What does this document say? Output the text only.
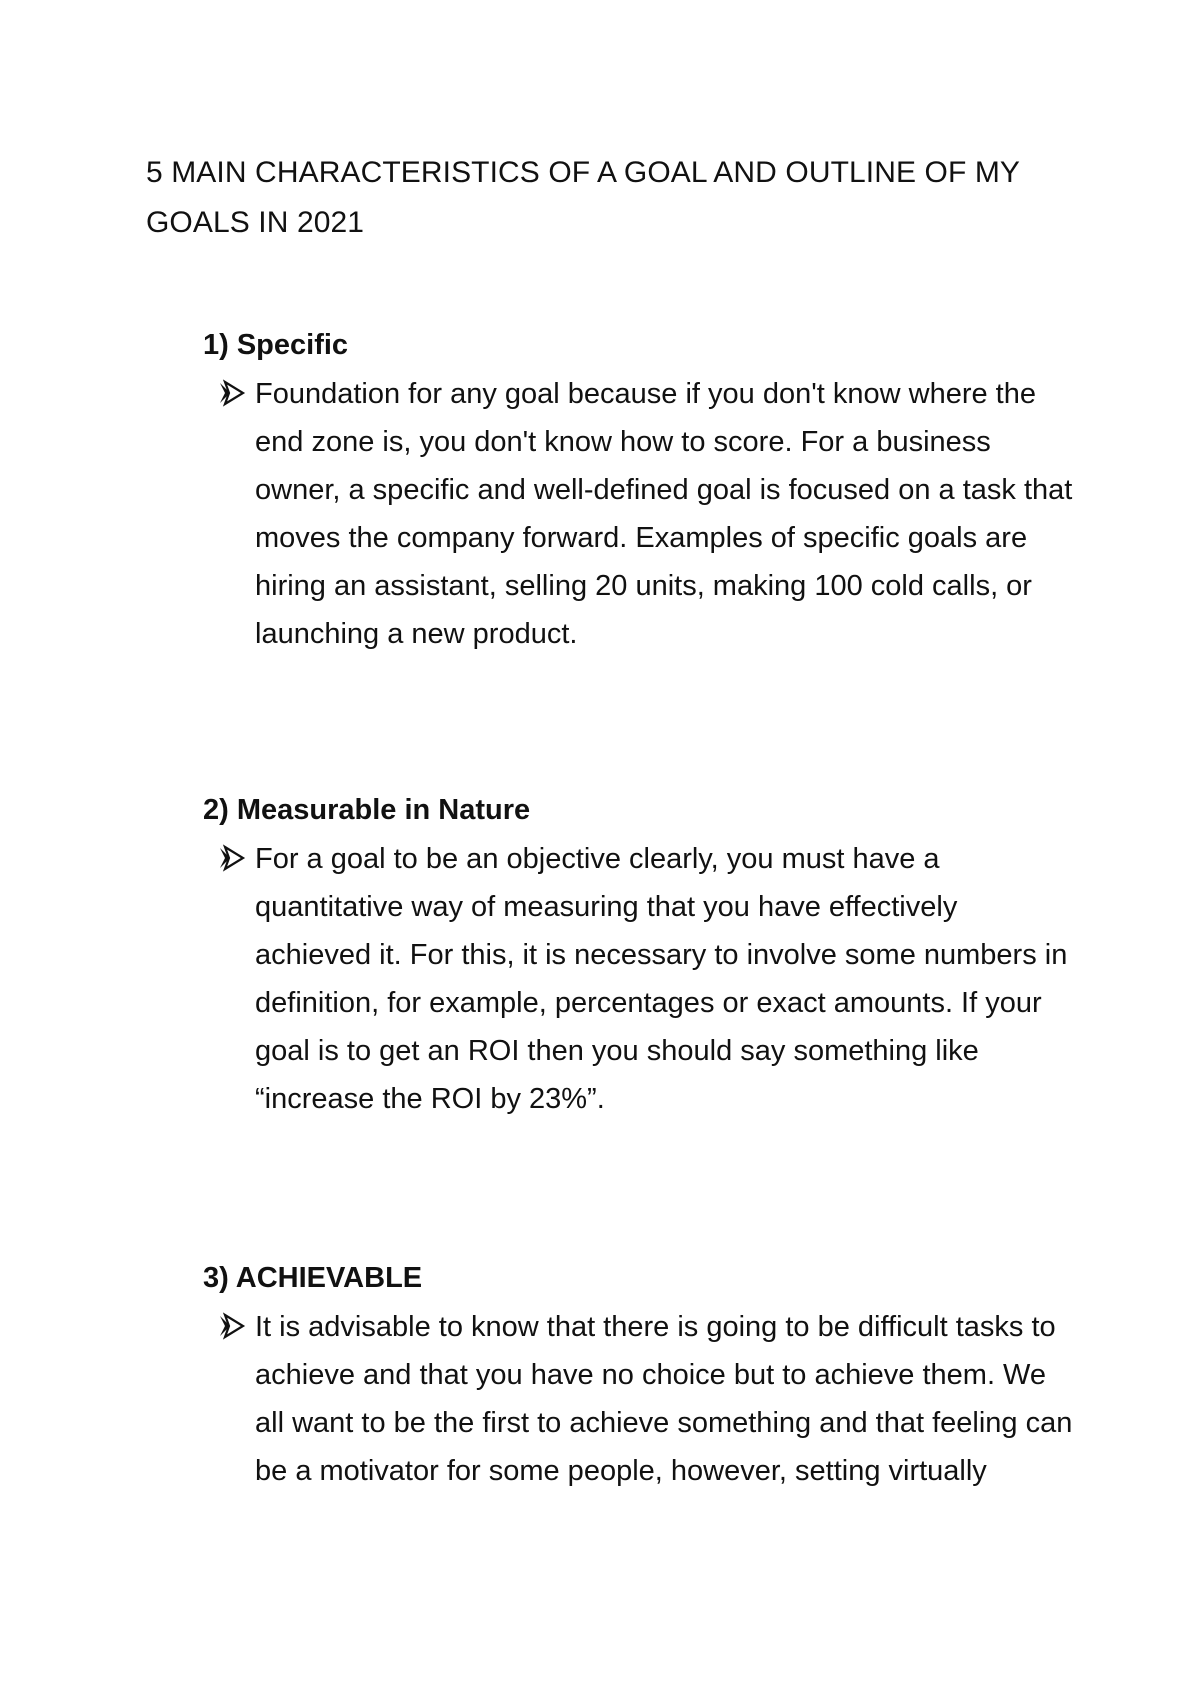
5 MAIN CHARACTERISTICS OF A GOAL AND OUTLINE OF MY GOALS IN 2021

1) Specific

Foundation for any goal because if you don't know where the end zone is, you don't know how to score. For a business owner, a specific and well-defined goal is focused on a task that moves the company forward. Examples of specific goals are hiring an assistant, selling 20 units, making 100 cold calls, or launching a new product.

2) Measurable in Nature

For a goal to be an objective clearly, you must have a quantitative way of measuring that you have effectively achieved it. For this, it is necessary to involve some numbers in definition, for example, percentages or exact amounts. If your goal is to get an ROI then you should say something like “increase the ROI by 23%”.

3) ACHIEVABLE

It is advisable to know that there is going to be difficult tasks to achieve and that you have no choice but to achieve them. We all want to be the first to achieve something and that feeling can be a motivator for some people, however, setting virtually
